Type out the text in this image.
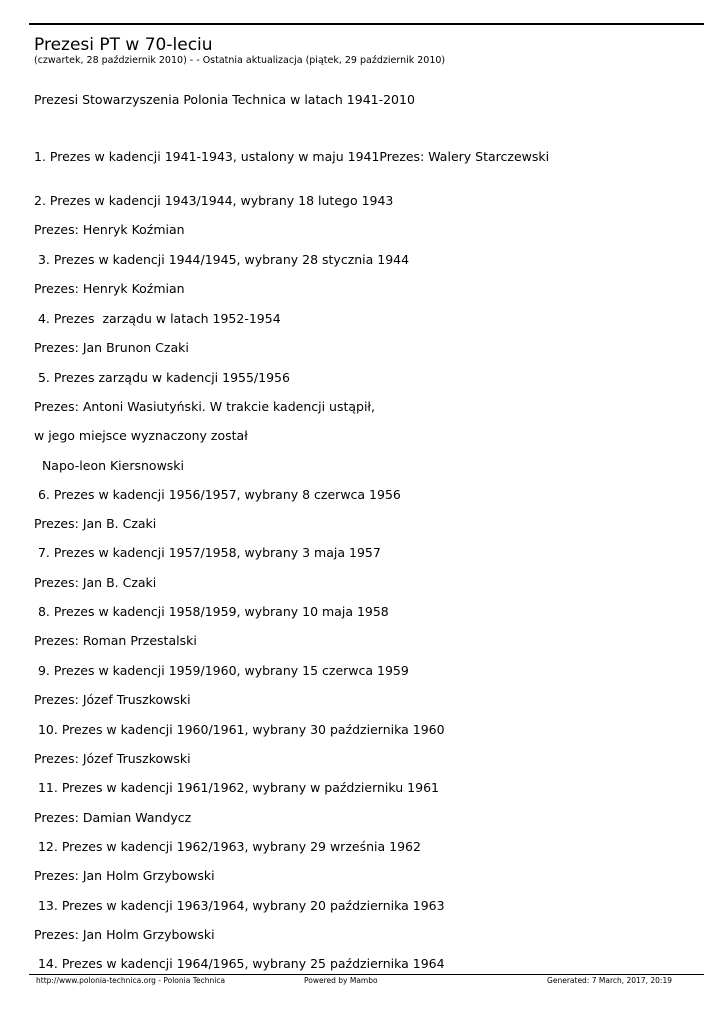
Prezesi PT w 70-leciu
(czwartek, 28 październik 2010) - - Ostatnia aktualizacja (piątek, 29 październik 2010)
Prezesi Stowarzyszenia Polonia Technica w latach 1941-2010
1. Prezes w kadencji 1941-1943, ustalony w maju 1941Prezes: Walery Starczewski
2. Prezes w kadencji 1943/1944, wybrany 18 lutego 1943
Prezes: Henryk Koźmian
3. Prezes w kadencji 1944/1945, wybrany 28 stycznia 1944
Prezes: Henryk Koźmian
4. Prezes  zarządu w latach 1952-1954
Prezes: Jan Brunon Czaki
5. Prezes zarządu w kadencji 1955/1956
Prezes: Antoni Wasiutyński. W trakcie kadencji ustąpił,
w jego miejsce wyznaczony został
Napo-leon Kiersnowski
6. Prezes w kadencji 1956/1957, wybrany 8 czerwca 1956
Prezes: Jan B. Czaki
7. Prezes w kadencji 1957/1958, wybrany 3 maja 1957
Prezes: Jan B. Czaki
8. Prezes w kadencji 1958/1959, wybrany 10 maja 1958
Prezes: Roman Przestalski
9. Prezes w kadencji 1959/1960, wybrany 15 czerwca 1959
Prezes: Józef Truszkowski
10. Prezes w kadencji 1960/1961, wybrany 30 października 1960
Prezes: Józef Truszkowski
11. Prezes w kadencji 1961/1962, wybrany w październiku 1961
Prezes: Damian Wandycz
12. Prezes w kadencji 1962/1963, wybrany 29 września 1962
Prezes: Jan Holm Grzybowski
13. Prezes w kadencji 1963/1964, wybrany 20 października 1963
Prezes: Jan Holm Grzybowski
14. Prezes w kadencji 1964/1965, wybrany 25 października 1964
http://www.polonia-technica.org - Polonia Technica	Powered by Mambo	Generated: 7 March, 2017, 20:19
